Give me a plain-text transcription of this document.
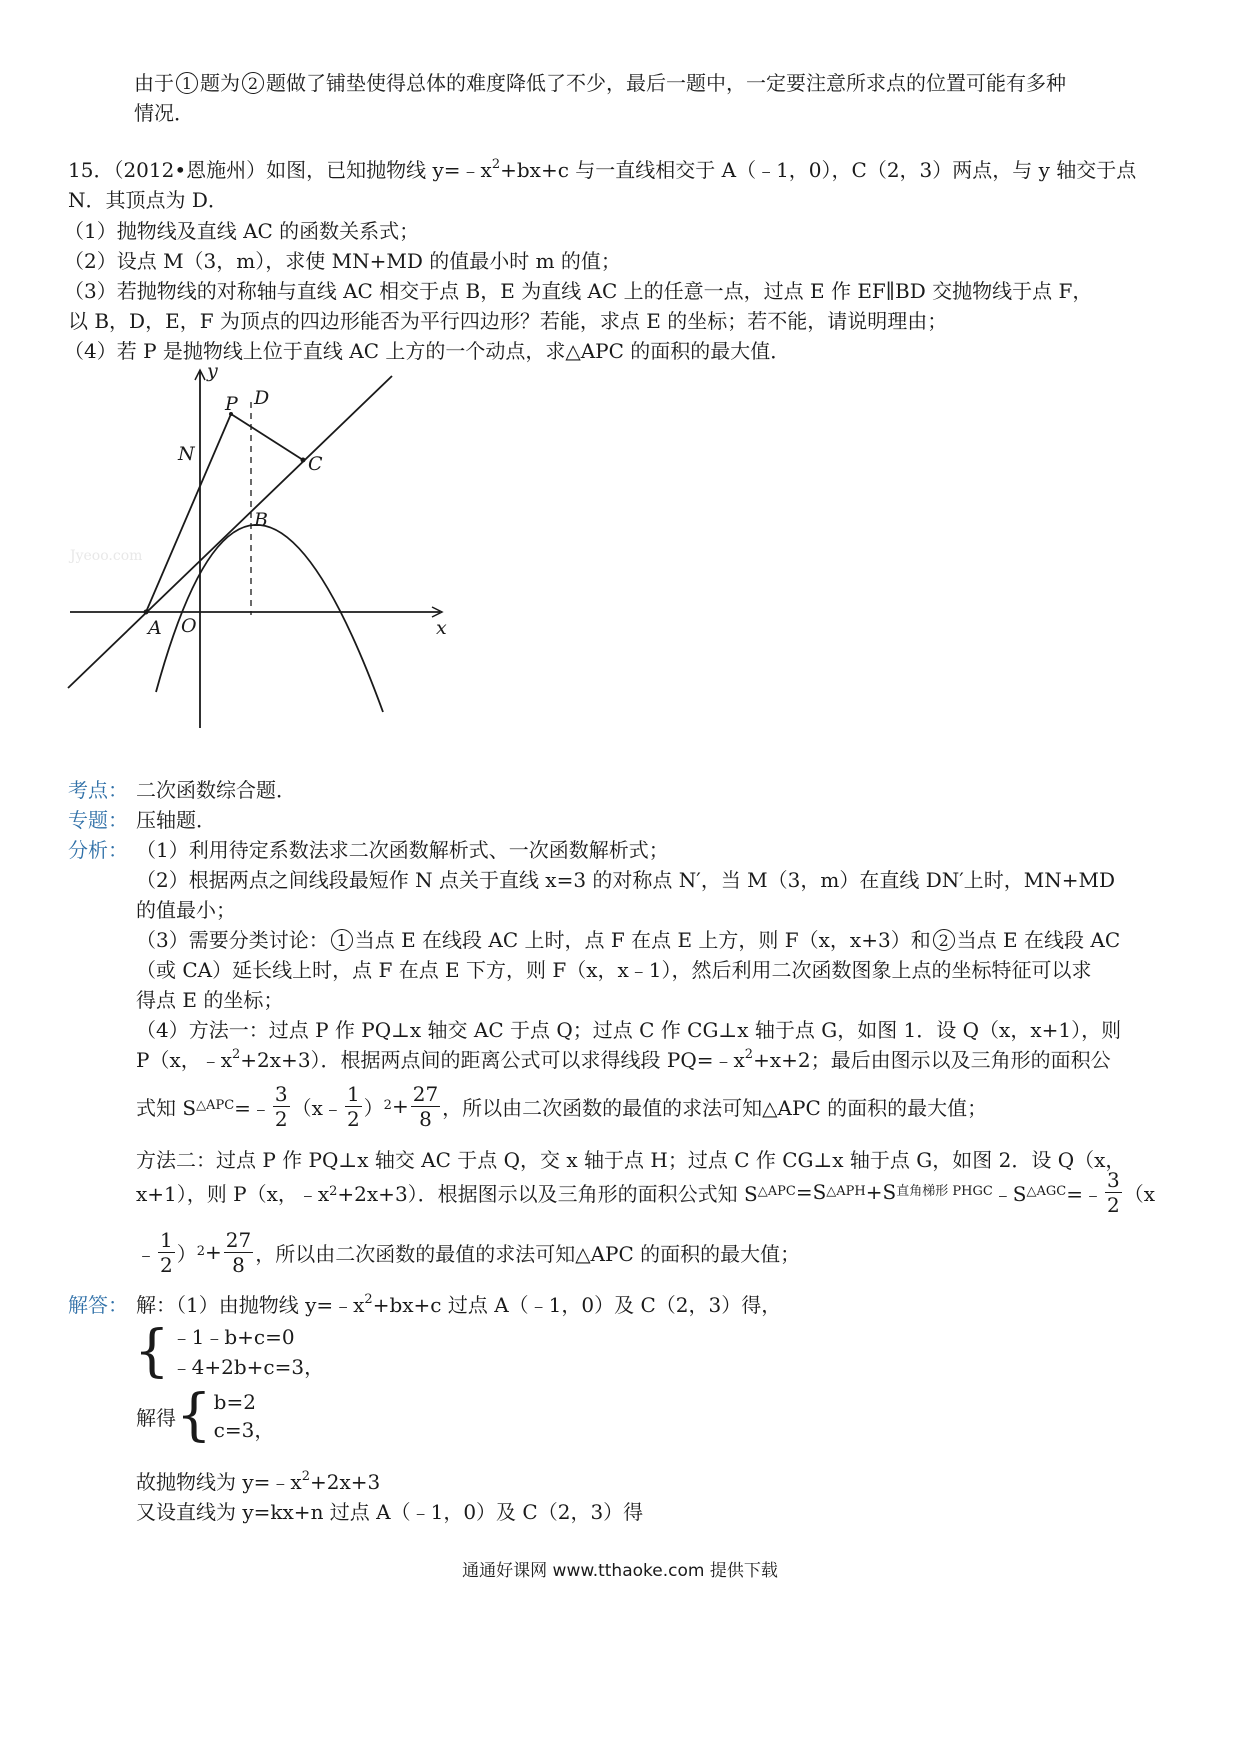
由于 1 题为 2 题做了铺垫使得总体的难度降低了不少，最后一题中，一定要注意所求点的位置可能有多种
情况．
15．（2012•恩施州）如图，已知抛物线 $y=﹣x^2+bx+c$ 与一直线相交于 A（﹣1，0），C（2，3）两点，与 y 轴交于点
N．其顶点为 D．
（1）抛物线及直线 AC 的函数关系式；
（2）设点 M（3，m），求使 MN+MD 的值最小时 m 的值；
（3）若抛物线的对称轴与直线 AC 相交于点 B，E 为直线 AC 上的任意一点，过点 E 作 EF∥BD 交抛物线于点 F，
以 B，D，E，F 为顶点的四边形能否为平行四边形？若能，求点 E 的坐标；若不能，请说明理由；
（4）若 P 是抛物线上位于直线 AC 上方的一个动点，求△APC 的面积的最大值．
y
x
P D
N	C
B
A O
Jyeoo.com
考点： 二次函数综合题．
专题： 压轴题．
分析： （1）利用待定系数法求二次函数解析式、一次函数解析式；
（2）根据两点之间线段最短作 N 点关于直线 x=3 的对称点 N′，当 M（3，m）在直线 DN′上时，MN+MD
的值最小；
（3）需要分类讨论： 1 当点 E 在线段 AC 上时，点 F 在点 E 上方，则 F（x，x+3）和 2 当点 E 在线段 AC
（或 CA）延长线上时，点 F 在点 E 下方，则 F（x，x﹣1），然后利用二次函数图象上点的坐标特征可以求
得点 E 的坐标；
（4）方法一：过点 P 作 PQ⊥x 轴交 AC 于点 Q；过点 C 作 CG⊥x 轴于点 G，如图 1．设 Q（x，x+1），则
P（x，$﹣x^2+2x+3$）．根据两点间的距离公式可以求得线段 $PQ=﹣x^2+x+2$；最后由图示以及三角形的面积公
式知 S △APC =﹣ $\frac{3}{2}$ （x﹣ $\frac{1}{2}$ ） $2 + \frac{27}{8}$ ，所以由二次函数的最值的求法可知△APC 的面积的最大值；
方法二：过点 P 作 PQ⊥x 轴交 AC 于点 Q，交 x 轴于点 H；过点 C 作 CG⊥x 轴于点 G，如图 2．设 Q（x，
x+1），则 P（x，﹣x 2 +2x+3）．根据图示以及三角形的面积公式知 S △APC =S △APH +S 直角梯形 PHGC ﹣S △AGC =﹣ $\frac{3}{2} (x$
﹣ $\frac{1}{2}$ ） $2 + \frac{27}{8}$ ，所以由二次函数的最值的求法可知△APC 的面积的最大值；
解答： 解：（1）由抛物线 $y=﹣x^2+bx+c$ 过点 A（﹣1，0）及 C（2，3）得，
{ ﹣1﹣b+c=0
﹣4+2b+c=3，
解得 { b=2
c=3，
故抛物线为 $y=﹣x^2+2x+3$
又设直线为 y=kx+n 过点 A（﹣1，0）及 C（2，3）得
通通好课网 www.tthaoke.com 提供下载
